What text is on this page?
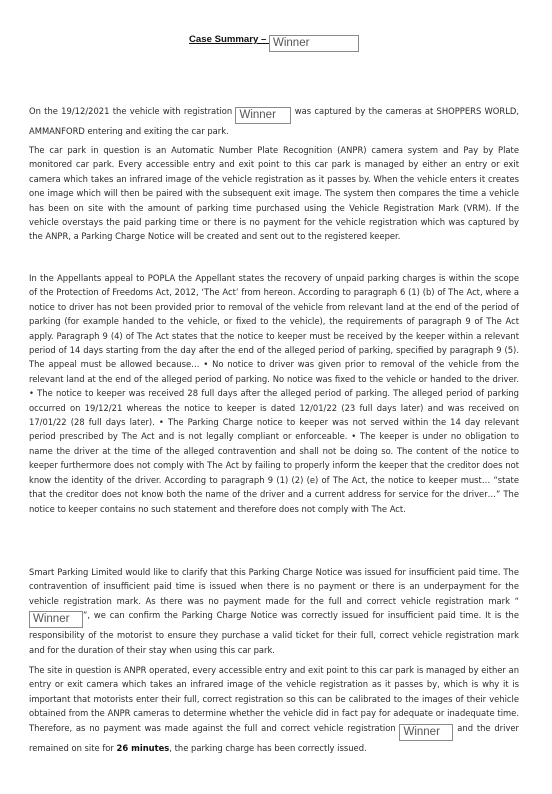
Case Summary – Winner

On the 19/12/2021 the vehicle with registration Winner was captured by the cameras at SHOPPERS WORLD, AMMANFORD entering and exiting the car park.

The car park in question is an Automatic Number Plate Recognition (ANPR) camera system and Pay by Plate monitored car park. Every accessible entry and exit point to this car park is managed by either an entry or exit camera which takes an infrared image of the vehicle registration as it passes by. When the vehicle enters it creates one image which will then be paired with the subsequent exit image. The system then compares the time a vehicle has been on site with the amount of parking time purchased using the Vehicle Registration Mark (VRM). If the vehicle overstays the paid parking time or there is no payment for the vehicle registration which was captured by the ANPR, a Parking Charge Notice will be created and sent out to the registered keeper.

In the Appellants appeal to POPLA the Appellant states the recovery of unpaid parking charges is within the scope of the Protection of Freedoms Act, 2012, ‘The Act’ from hereon. According to paragraph 6 (1) (b) of The Act, where a notice to driver has not been provided prior to removal of the vehicle from relevant land at the end of the period of parking (for example handed to the vehicle, or fixed to the vehicle), the requirements of paragraph 9 of The Act apply. Paragraph 9 (4) of The Act states that the notice to keeper must be received by the keeper within a relevant period of 14 days starting from the day after the end of the alleged period of parking, specified by paragraph 9 (5). The appeal must be allowed because… • No notice to driver was given prior to removal of the vehicle from the relevant land at the end of the alleged period of parking. No notice was fixed to the vehicle or handed to the driver. • The notice to keeper was received 28 full days after the alleged period of parking. The alleged period of parking occurred on 19/12/21 whereas the notice to keeper is dated 12/01/22 (23 full days later) and was received on 17/01/22 (28 full days later). • The Parking Charge notice to keeper was not served within the 14 day relevant period prescribed by The Act and is not legally compliant or enforceable. • The keeper is under no obligation to name the driver at the time of the alleged contravention and shall not be doing so. The content of the notice to keeper furthermore does not comply with The Act by failing to properly inform the keeper that the creditor does not know the identity of the driver. According to paragraph 9 (1) (2) (e) of The Act, the notice to keeper must… “state that the creditor does not know both the name of the driver and a current address for service for the driver…” The notice to keeper contains no such statement and therefore does not comply with The Act.

Smart Parking Limited would like to clarify that this Parking Charge Notice was issued for insufficient paid time. The contravention of insufficient paid time is issued when there is no payment or there is an underpayment for the vehicle registration mark. As there was no payment made for the full and correct vehicle registration mark “Winner ”, we can confirm the Parking Charge Notice was correctly issued for insufficient paid time. It is the responsibility of the motorist to ensure they purchase a valid ticket for their full, correct vehicle registration mark and for the duration of their stay when using this car park.

The site in question is ANPR operated, every accessible entry and exit point to this car park is managed by either an entry or exit camera which takes an infrared image of the vehicle registration as it passes by, which is why it is important that motorists enter their full, correct registration so this can be calibrated to the images of their vehicle obtained from the ANPR cameras to determine whether the vehicle did in fact pay for adequate or inadequate time. Therefore, as no payment was made against the full and correct vehicle registration Winner and the driver remained on site for 26 minutes, the parking charge has been correctly issued.
